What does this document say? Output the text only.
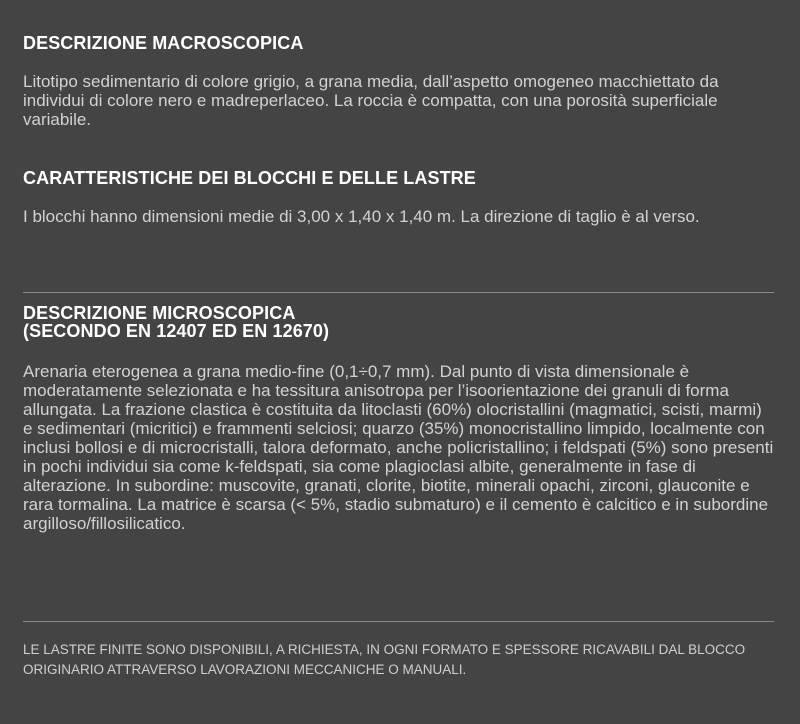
DESCRIZIONE MACROSCOPICA

Litotipo sedimentario di colore grigio, a grana media, dall’aspetto omogeneo macchiettato da individui di colore nero e madreperlaceo. La roccia è compatta, con una porosità superficiale variabile.

CARATTERISTICHE DEI BLOCCHI E DELLE LASTRE

I blocchi hanno dimensioni medie di 3,00 x 1,40 x 1,40 m. La direzione di taglio è al verso.

DESCRIZIONE MICROSCOPICA
(SECONDO EN 12407 ED EN 12670)

Arenaria eterogenea a grana medio-fine (0,1÷0,7 mm). Dal punto di vista dimensionale è moderatamente selezionata e ha tessitura anisotropa per l’isoorientazione dei granuli di forma allungata. La frazione clastica è costituita da litoclasti (60%) olocristallini (magmatici, scisti, marmi) e sedimentari (micritici) e frammenti selciosi; quarzo (35%) monocristallino limpido, localmente con inclusi bollosi e di microcristalli, talora deformato, anche policristallino; i feldspati (5%) sono presenti in pochi individui sia come k-feldspati, sia come plagioclasi albite, generalmente in fase di alterazione. In subordine: muscovite, granati, clorite, biotite, minerali opachi, zirconi, glauconite e rara tormalina. La matrice è scarsa (< 5%, stadio submaturo) e il cemento è calcitico e in subordine argilloso/fillosilicatico.

LE LASTRE FINITE SONO DISPONIBILI, A RICHIESTA, IN OGNI FORMATO E SPESSORE RICAVABILI DAL BLOCCO ORIGINARIO ATTRAVERSO LAVORAZIONI MECCANICHE O MANUALI.
